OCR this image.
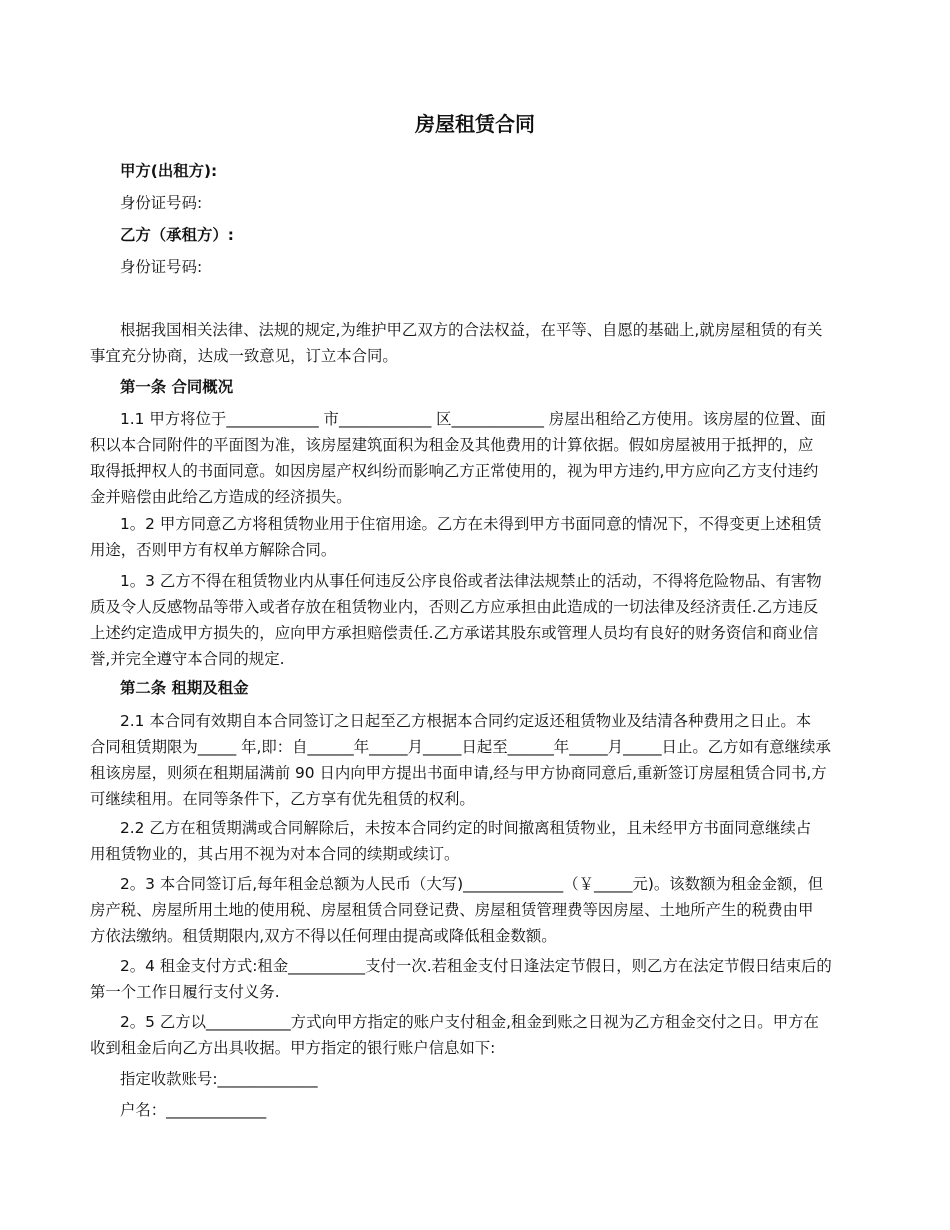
房屋租赁合同
甲方(出租方):
身份证号码:
乙方（承租方）:
身份证号码:
根据我国相关法律、法规的规定,为维护甲乙双方的合法权益，在平等、自愿的基础上,就房屋租赁的有关
事宜充分协商，达成一致意见，订立本合同。
第一条 合同概况
1.1 甲方将位于____________ 市____________ 区____________ 房屋出租给乙方使用。该房屋的位置、面
积以本合同附件的平面图为准，该房屋建筑面积为租金及其他费用的计算依据。假如房屋被用于抵押的，应
取得抵押权人的书面同意。如因房屋产权纠纷而影响乙方正常使用的，视为甲方违约,甲方应向乙方支付违约
金并赔偿由此给乙方造成的经济损失。
1。2 甲方同意乙方将租赁物业用于住宿用途。乙方在未得到甲方书面同意的情况下，不得变更上述租赁
用途，否则甲方有权单方解除合同。
1。3 乙方不得在租赁物业内从事任何违反公序良俗或者法律法规禁止的活动，不得将危险物品、有害物
质及令人反感物品等带入或者存放在租赁物业内，否则乙方应承担由此造成的一切法律及经济责任.乙方违反
上述约定造成甲方损失的，应向甲方承担赔偿责任.乙方承诺其股东或管理人员均有良好的财务资信和商业信
誉,并完全遵守本合同的规定.
第二条 租期及租金
2.1 本合同有效期自本合同签订之日起至乙方根据本合同约定返还租赁物业及结清各种费用之日止。本
合同租赁期限为_____ 年,即：自______年_____月_____日起至______年_____月_____日止。乙方如有意继续承
租该房屋，则须在租期届满前 90 日内向甲方提出书面申请,经与甲方协商同意后,重新签订房屋租赁合同书,方
可继续租用。在同等条件下，乙方享有优先租赁的权利。
2.2 乙方在租赁期满或合同解除后，未按本合同约定的时间撤离租赁物业，且未经甲方书面同意继续占
用租赁物业的，其占用不视为对本合同的续期或续订。
2。3 本合同签订后,每年租金总额为人民币（大写)_____________（￥_____元)。该数额为租金金额，但
房产税、房屋所用土地的使用税、房屋租赁合同登记费、房屋租赁管理费等因房屋、土地所产生的税费由甲
方依法缴纳。租赁期限内,双方不得以任何理由提高或降低租金数额。
2。4 租金支付方式:租金__________支付一次.若租金支付日逢法定节假日，则乙方在法定节假日结束后的
第一个工作日履行支付义务.
2。5 乙方以___________方式向甲方指定的账户支付租金,租金到账之日视为乙方租金交付之日。甲方在
收到租金后向乙方出具收据。甲方指定的银行账户信息如下:
指定收款账号:_____________
户名：_____________
